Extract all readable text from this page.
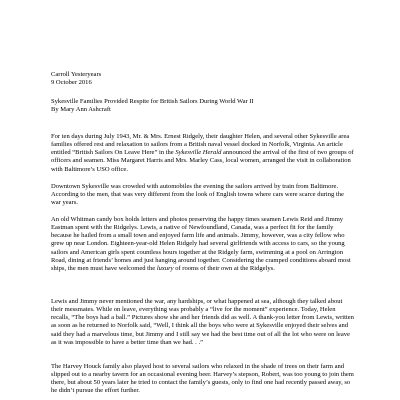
Carroll Yesteryears
9 October 2016
Sykesville Families Provided Respite for British Sailors During World War II
By Mary Ann Ashcraft

For ten days during July 1943, Mr. & Mrs. Ernest Ridgely, their daughter Helen, and several other Sykesville area families offered rest and relaxation to sailors from a British naval vessel docked in Norfolk, Virginia. An article entitled “British Sailors On Leave Here” in the Sykesville Herald announced the arrival of the first of two groups of officers and seamen. Miss Margaret Harris and Mrs. Marley Cass, local women, arranged the visit in collaboration with Baltimore’s USO office.

Downtown Sykesville was crowded with automobiles the evening the sailors arrived by train from Baltimore. According to the men, that was very different from the look of English towns where cars were scarce during the war years.

An old Whitman candy box holds letters and photos preserving the happy times seamen Lewis Reid and Jimmy Eastman spent with the Ridgelys. Lewis, a native of Newfoundland, Canada, was a perfect fit for the family because he hailed from a small town and enjoyed farm life and animals. Jimmy, however, was a city fellow who grew up near London. Eighteen-year-old Helen Ridgely had several girlfriends with access to cars, so the young sailors and American girls spent countless hours together at the Ridgely farm, swimming at a pool on Arrington Road, dining at friends’ homes and just hanging around together. Considering the cramped conditions aboard most ships, the men must have welcomed the luxury of rooms of their own at the Ridgelys.

Lewis and Jimmy never mentioned the war, any hardships, or what happened at sea, although they talked about their messmates. While on leave, everything was probably a “live for the moment” experience. Today, Helen recalls, “The boys had a ball.” Pictures show she and her friends did as well. A thank-you letter from Lewis, written as soon as he returned to Norfolk said, “Well, I think all the boys who were at Sykesville enjoyed their selves and said they had a marvelous time, but Jimmy and I still say we had the best time out of all the lot who were on leave as it was impossible to have a better time than we had. . .”

The Harvey Houck family also played host to several sailors who relaxed in the shade of trees on their farm and slipped out to a nearby tavern for an occasional evening beer. Harvey’s stepson, Robert, was too young to join them there, but about 50 years later he tried to contact the family’s guests, only to find one had recently passed away, so he didn’t pursue the effort further.
